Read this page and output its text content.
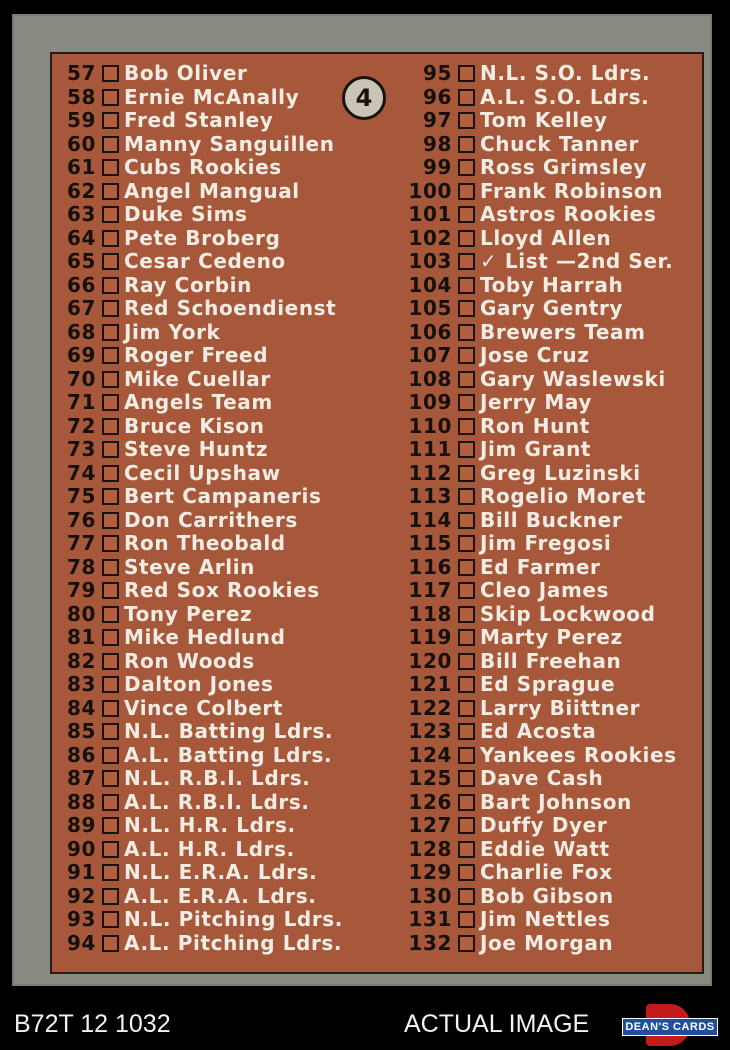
57 Bob Oliver
58 Ernie McAnally
59 Fred Stanley
60 Manny Sanguillen
61 Cubs Rookies
62 Angel Mangual
63 Duke Sims
64 Pete Broberg
65 Cesar Cedeno
66 Ray Corbin
67 Red Schoendienst
68 Jim York
69 Roger Freed
70 Mike Cuellar
71 Angels Team
72 Bruce Kison
73 Steve Huntz
74 Cecil Upshaw
75 Bert Campaneris
76 Don Carrithers
77 Ron Theobald
78 Steve Arlin
79 Red Sox Rookies
80 Tony Perez
81 Mike Hedlund
82 Ron Woods
83 Dalton Jones
84 Vince Colbert
85 N.L. Batting Ldrs.
86 A.L. Batting Ldrs.
87 N.L. R.B.I. Ldrs.
88 A.L. R.B.I. Ldrs.
89 N.L. H.R. Ldrs.
90 A.L. H.R. Ldrs.
91 N.L. E.R.A. Ldrs.
92 A.L. E.R.A. Ldrs.
93 N.L. Pitching Ldrs.
94 A.L. Pitching Ldrs.
4
95 N.L. S.O. Ldrs.
96 A.L. S.O. Ldrs.
97 Tom Kelley
98 Chuck Tanner
99 Ross Grimsley
100 Frank Robinson
101 Astros Rookies
102 Lloyd Allen
103 ✓ List —2nd Ser.
104 Toby Harrah
105 Gary Gentry
106 Brewers Team
107 Jose Cruz
108 Gary Waslewski
109 Jerry May
110 Ron Hunt
111 Jim Grant
112 Greg Luzinski
113 Rogelio Moret
114 Bill Buckner
115 Jim Fregosi
116 Ed Farmer
117 Cleo James
118 Skip Lockwood
119 Marty Perez
120 Bill Freehan
121 Ed Sprague
122 Larry Biittner
123 Ed Acosta
124 Yankees Rookies
125 Dave Cash
126 Bart Johnson
127 Duffy Dyer
128 Eddie Watt
129 Charlie Fox
130 Bob Gibson
131 Jim Nettles
132 Joe Morgan
B72T 12 1032	ACTUAL IMAGE	DEAN'S CARDS
